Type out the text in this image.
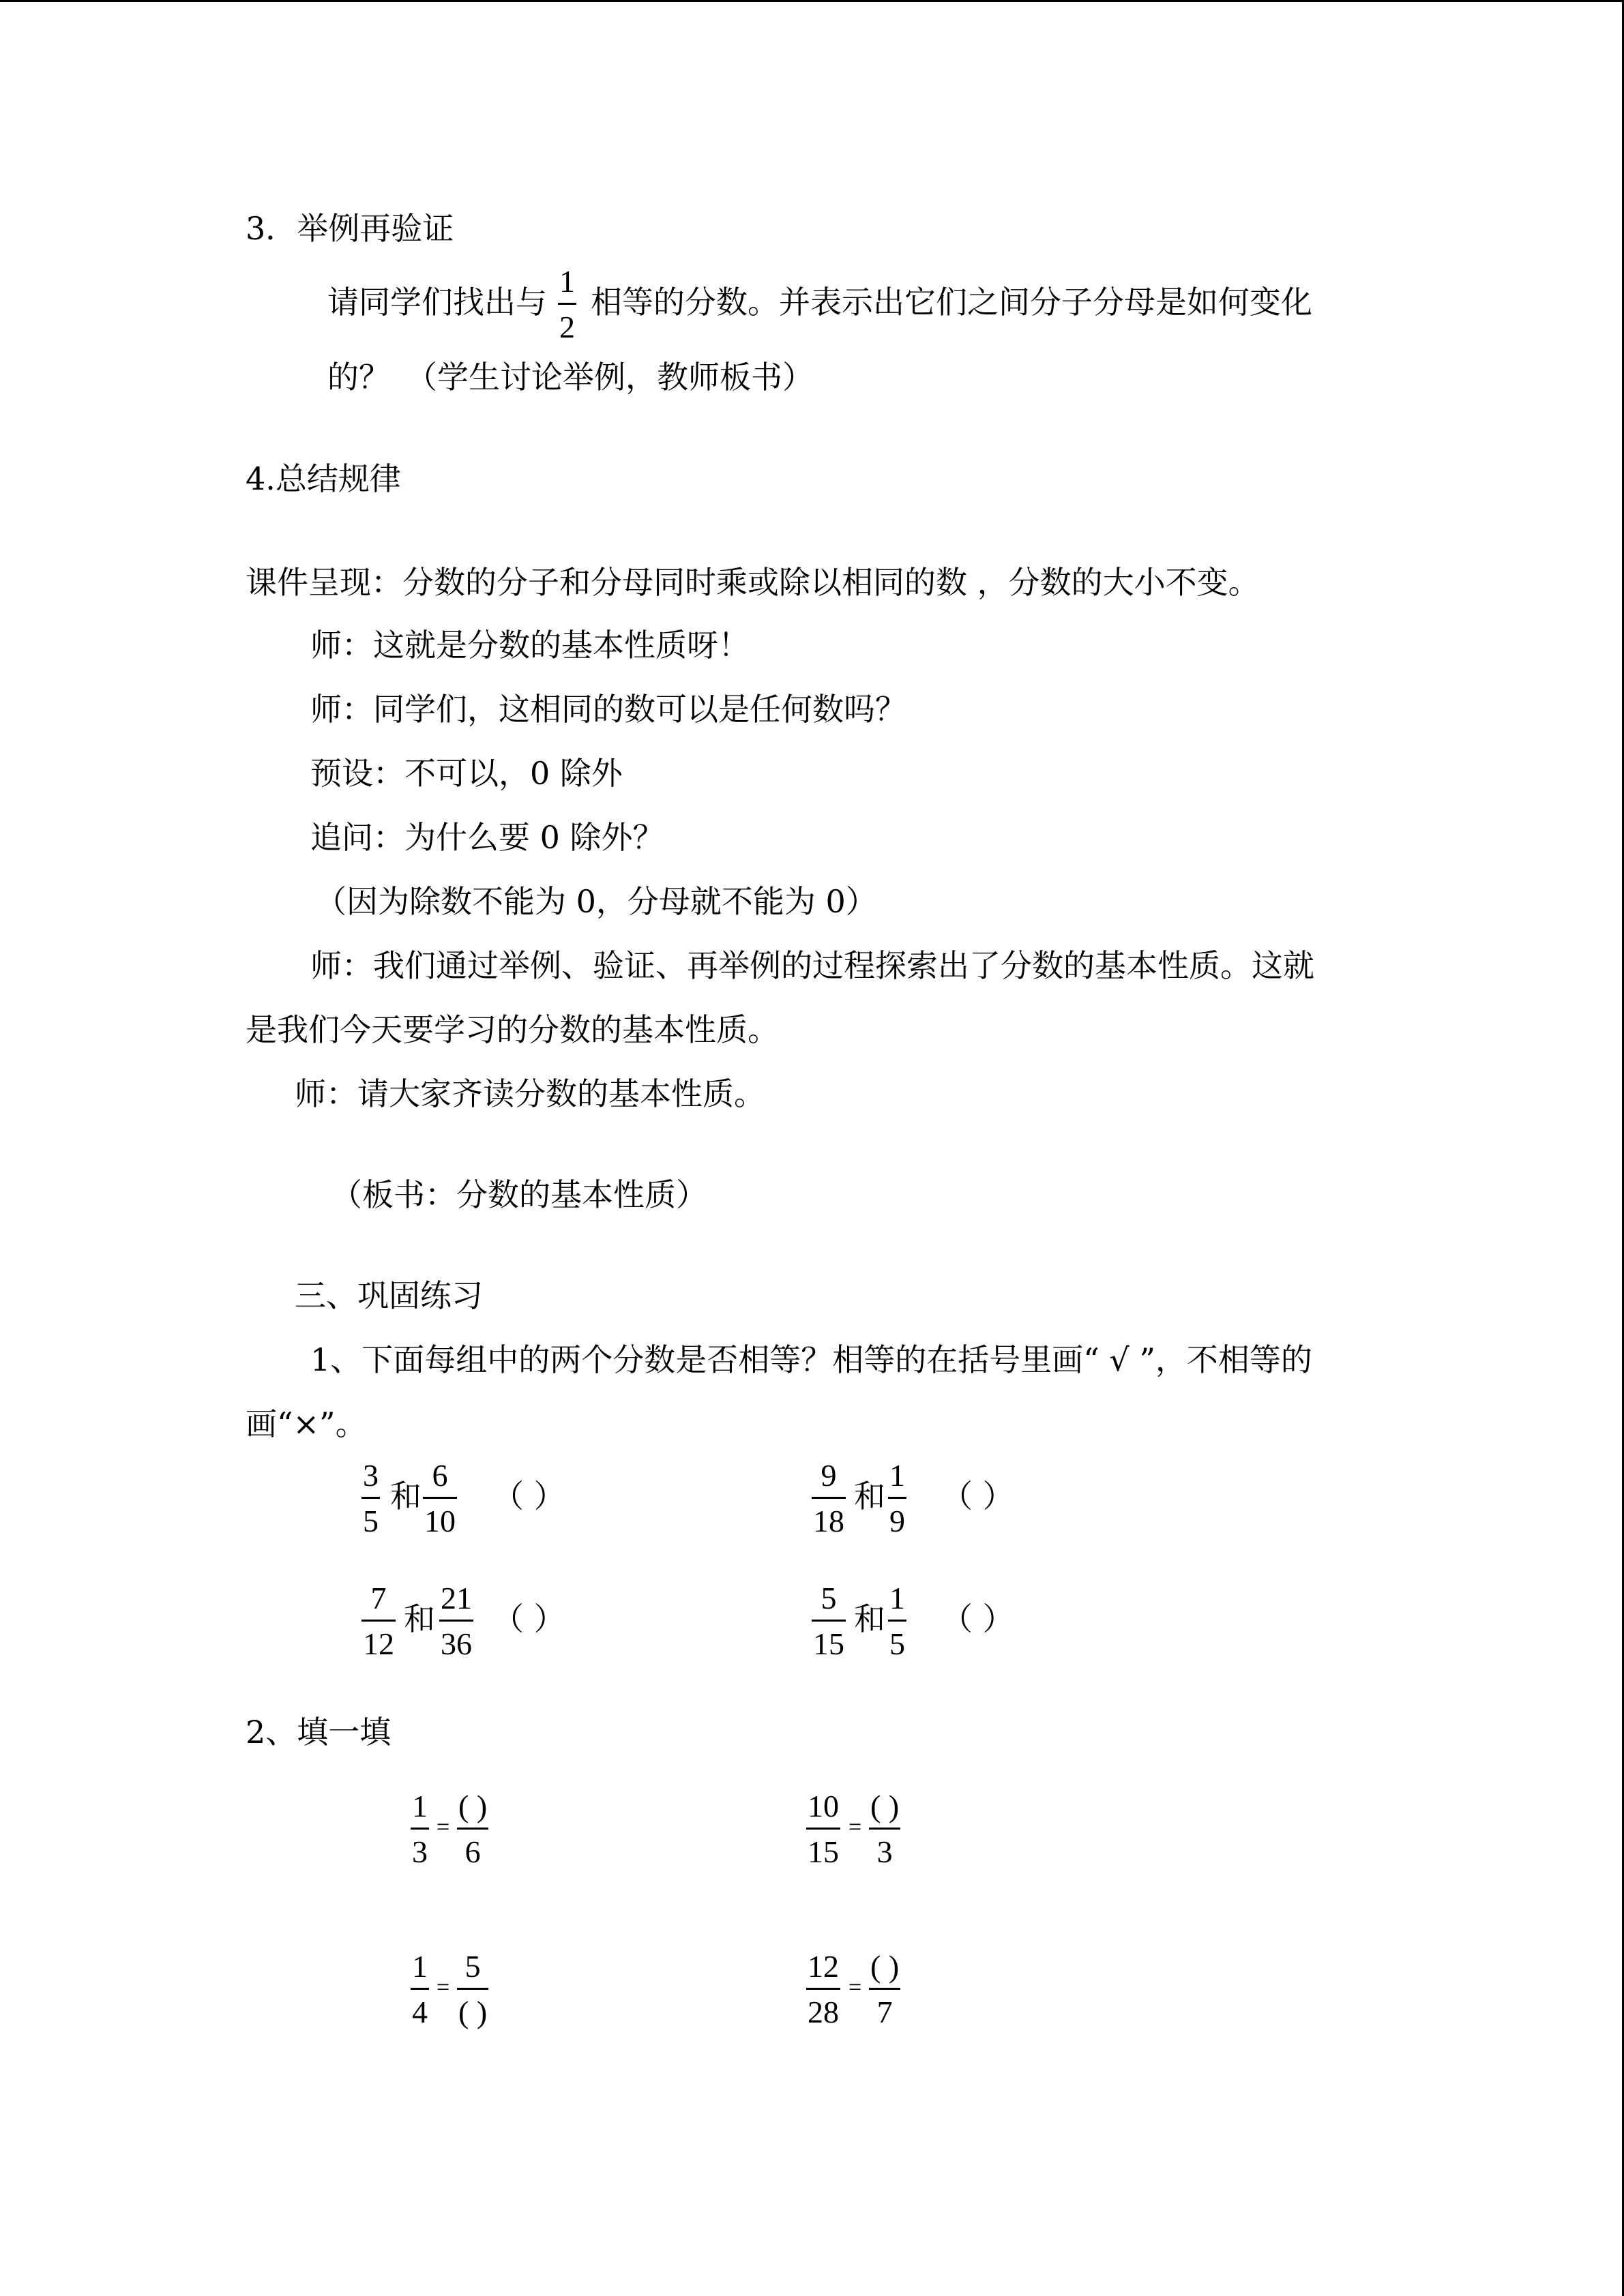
3．举例再验证
请同学们找出与
1
2
相等的分数。并表示出它们之间分子分母是如何变化
的？　（学生讨论举例，教师板书）
4.总结规律
课件呈现：分数的分子和分母同时乘或除以相同的数 ，分数的大小不变。
师：这就是分数的基本性质呀！
师：同学们，这相同的数可以是任何数吗？
预设：不可以，0 除外
追问：为什么要 0 除外？
（因为除数不能为 0，分母就不能为 0）
师：我们通过举例、验证、再举例的过程探索出了分数的基本性质。这就
是我们今天要学习的分数的基本性质。
师：请大家齐读分数的基本性质。
（板书：分数的基本性质）
三、巩固练习
1、下面每组中的两个分数是否相等？相等的在括号里画“ √ ”，不相等的
画“×”。
3
5
和
6
10
（ ）
9
18
和
1
9
（ ）
7
12
和
21
36
（ ）
5
15
和
1
5
（ ）
2、填一填
1
3
=
( )
6
10
15
=
( )
3
1
4
=
5
( )
12
28
=
( )
7
